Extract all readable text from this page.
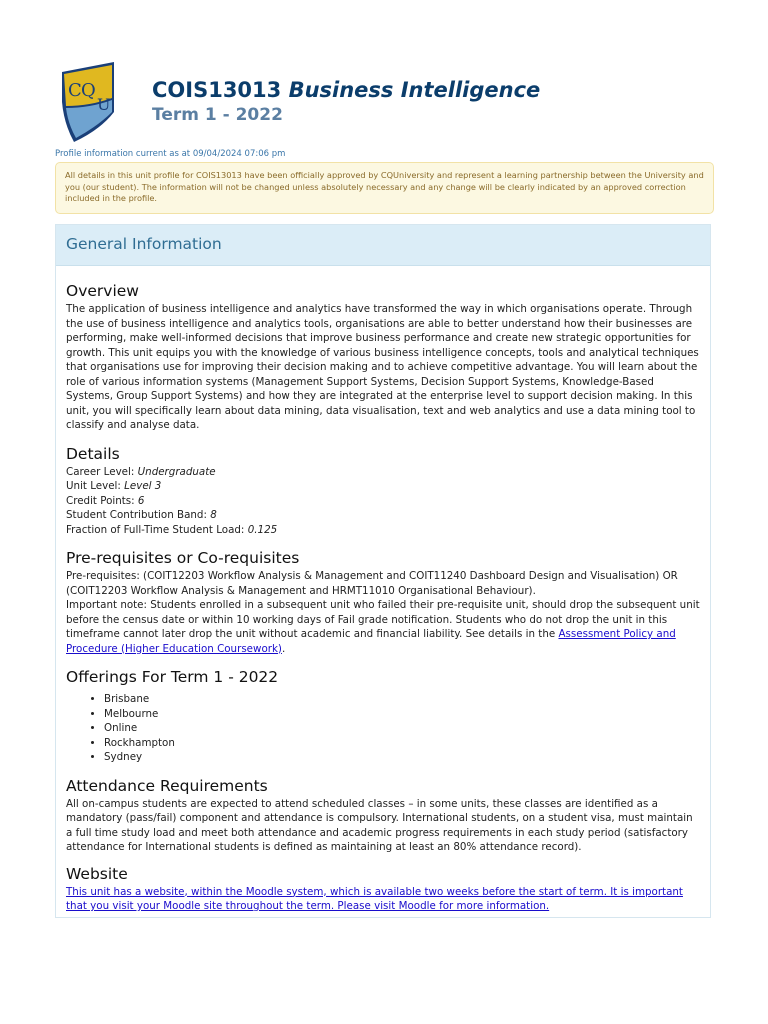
C Q
U
COIS13013 Business Intelligence
Term 1 - 2022
Profile information current as at 09/04/2024 07:06 pm
All details in this unit profile for COIS13013 have been officially approved by CQUniversity and represent a learning partnership between the University and you (our student). The information will not be changed unless absolutely necessary and any change will be clearly indicated by an approved correction included in the profile.
General Information
Overview

The application of business intelligence and analytics have transformed the way in which organisations operate. Through the use of business intelligence and analytics tools, organisations are able to better understand how their businesses are performing, make well-informed decisions that improve business performance and create new strategic opportunities for growth. This unit equips you with the knowledge of various business intelligence concepts, tools and analytical techniques that organisations use for improving their decision making and to achieve competitive advantage. You will learn about the role of various information systems (Management Support Systems, Decision Support Systems, Knowledge-Based Systems, Group Support Systems) and how they are integrated at the enterprise level to support decision making. In this unit, you will specifically learn about data mining, data visualisation, text and web analytics and use a data mining tool to classify and analyse data.

Details
Career Level: Undergraduate
Unit Level: Level 3
Credit Points: 6
Student Contribution Band: 8
Fraction of Full-Time Student Load: 0.125
Pre-requisites or Co-requisites

Pre-requisites: (COIT12203 Workflow Analysis & Management and COIT11240 Dashboard Design and Visualisation) OR (COIT12203 Workflow Analysis & Management and HRMT11010 Organisational Behaviour).

Important note: Students enrolled in a subsequent unit who failed their pre-requisite unit, should drop the subsequent unit before the census date or within 10 working days of Fail grade notification. Students who do not drop the unit in this timeframe cannot later drop the unit without academic and financial liability. See details in the Assessment Policy and Procedure (Higher Education Coursework).

Offerings For Term 1 - 2022
• Brisbane
• Melbourne
• Online
• Rockhampton
• Sydney
Attendance Requirements

All on-campus students are expected to attend scheduled classes – in some units, these classes are identified as a mandatory (pass/fail) component and attendance is compulsory. International students, on a student visa, must maintain a full time study load and meet both attendance and academic progress requirements in each study period (satisfactory attendance for International students is defined as maintaining at least an 80% attendance record).

Website

This unit has a website, within the Moodle system, which is available two weeks before the start of term. It is important that you visit your Moodle site throughout the term. Please visit Moodle for more information.
